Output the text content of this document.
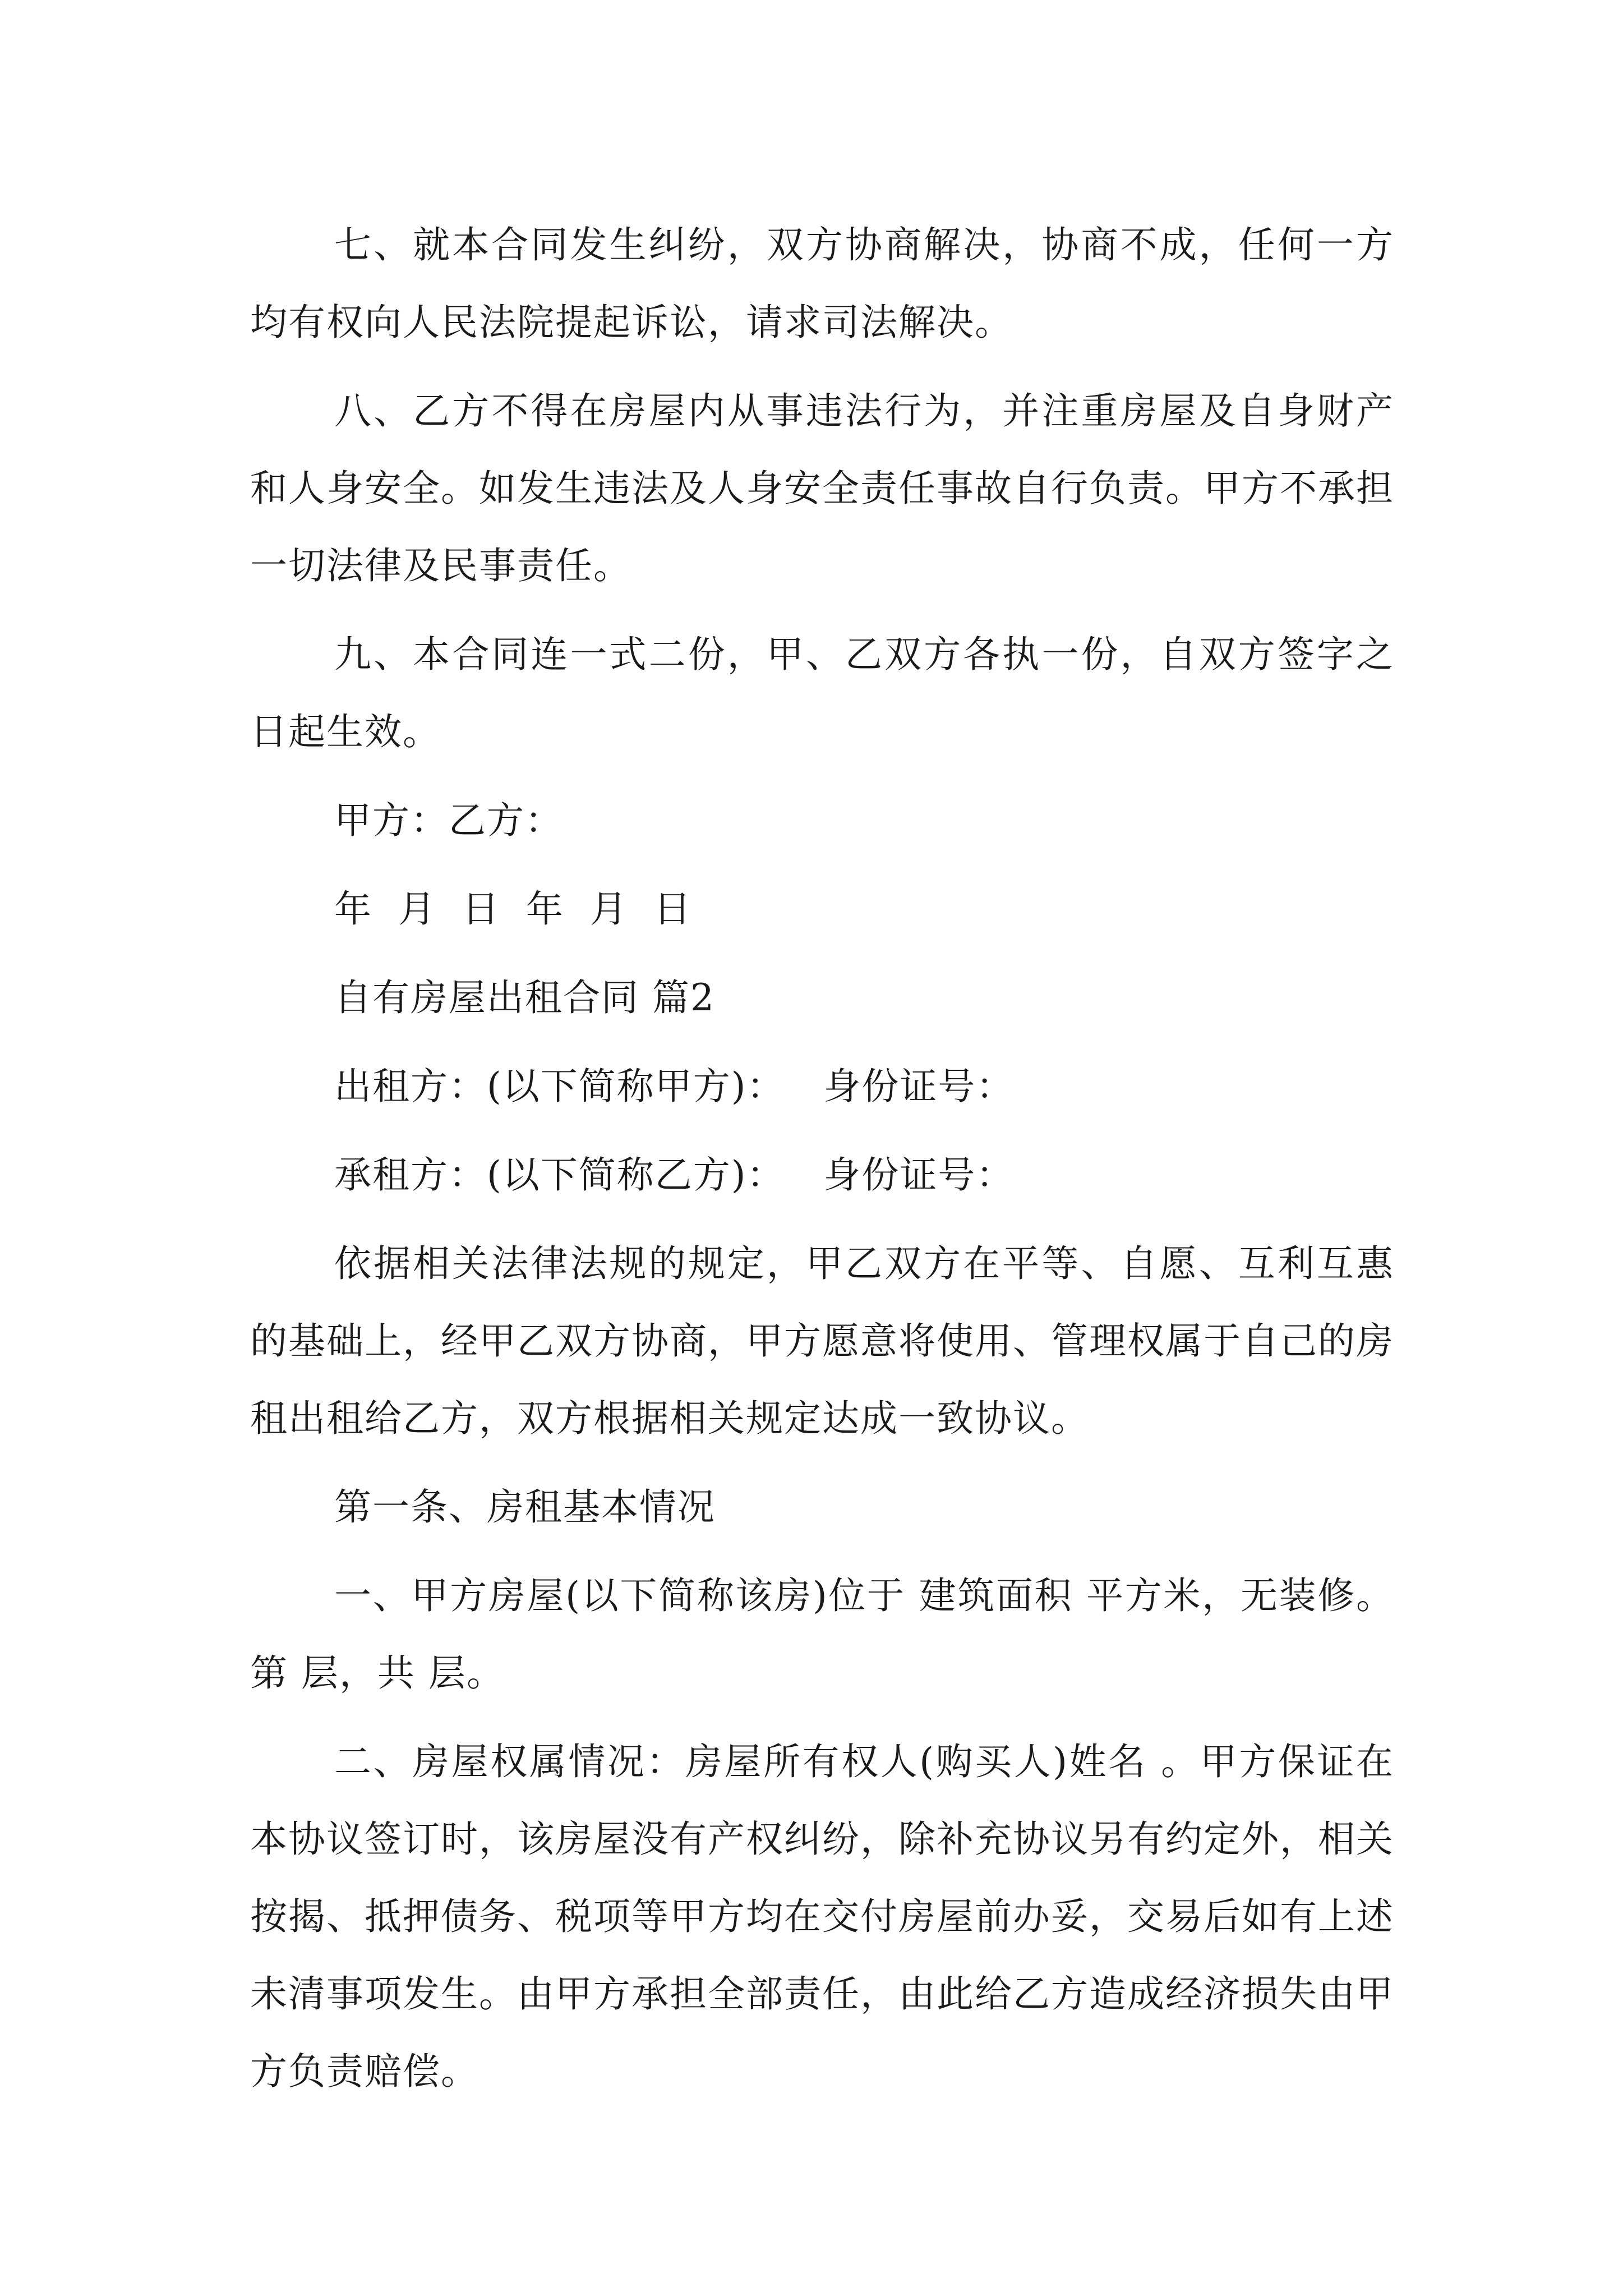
七、就本合同发生纠纷，双方协商解决，协商不成，任何一方均有权向人民法院提起诉讼，请求司法解决。

八、乙方不得在房屋内从事违法行为，并注重房屋及自身财产和人身安全。如发生违法及人身安全责任事故自行负责。甲方不承担一切法律及民事责任。

九、本合同连一式二份，甲、乙双方各执一份，自双方签字之日起生效。

甲方：乙方：

年  月  日  年  月  日

自有房屋出租合同 篇2

出租方：(以下简称甲方)：   身份证号：

承租方：(以下简称乙方)：   身份证号：

依据相关法律法规的规定，甲乙双方在平等、自愿、互利互惠的基础上，经甲乙双方协商，甲方愿意将使用、管理权属于自己的房租出租给乙方，双方根据相关规定达成一致协议。

第一条、房租基本情况

一、甲方房屋(以下简称该房)位于 建筑面积 平方米，无装修。第 层，共 层。

二、房屋权属情况：房屋所有权人(购买人)姓名 。甲方保证在本协议签订时，该房屋没有产权纠纷，除补充协议另有约定外，相关按揭、抵押债务、税项等甲方均在交付房屋前办妥，交易后如有上述未清事项发生。由甲方承担全部责任，由此给乙方造成经济损失由甲方负责赔偿。
